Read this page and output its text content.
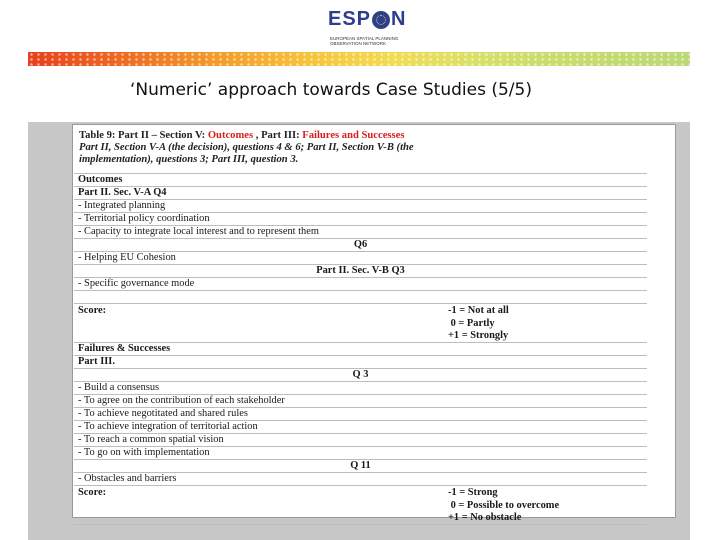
ESP N
EUROPEAN SPATIAL PLANNING OBSERVATION NETWORK
‘Numeric’ approach towards Case Studies (5/5)
Table 9: Part II – Section V: Outcomes , Part III: Failures and Successes
Part II, Section V-A (the decision), questions 4 & 6; Part II, Section V-B (the
implementation), questions 3; Part III, question 3.
Outcomes
Part II. Sec. V-A Q4
- Integrated planning
- Territorial policy coordination
- Capacity to integrate local interest and to represent them
Q6
- Helping EU Cohesion
Part II. Sec. V-B Q3
- Specific governance mode
Score:	-1 = Not at all
0 = Partly
+1 = Strongly
Failures & Successes
Part III.
Q 3
- Build a consensus
- To agree on the contribution of each stakeholder
- To achieve negotitated and shared rules
- To achieve integration of territorial action
- To reach a common spatial vision
- To go on with implementation
Q 11
- Obstacles and barriers
Score:	-1 = Strong
0 = Possible to overcome
+1 = No obstacle
